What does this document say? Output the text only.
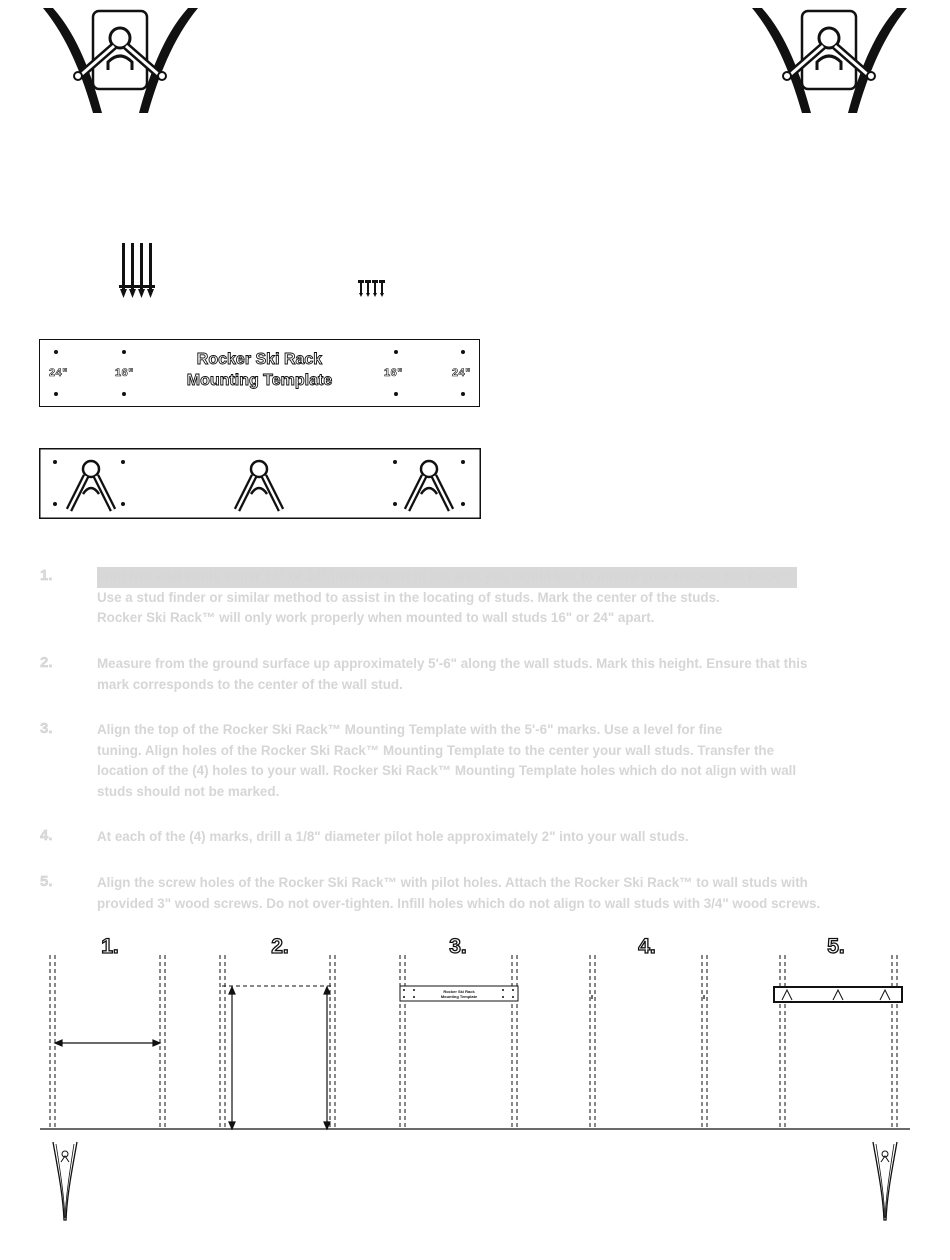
24"	16"	16"	24"
Rocker Ski Rack
Mounting Template
1.	Find two wall studs either 16" or 24" inches apart in the area you would like to mount your Rocker Ski Rack™.
Use a stud finder or similar method to assist in the locating of studs. Mark the center of the studs.
Rocker Ski Rack™ will only work properly when mounted to wall studs 16" or 24" apart.
2.	Measure from the ground surface up approximately 5'-6" along the wall studs. Mark this height. Ensure that this
mark corresponds to the center of the wall stud.
3.	Align the top of the Rocker Ski Rack™ Mounting Template with the 5'-6" marks. Use a level for fine
tuning. Align holes of the Rocker Ski Rack™ Mounting Template to the center your wall studs. Transfer the
location of the (4) holes to your wall. Rocker Ski Rack™ Mounting Template holes which do not align with wall
studs should not be marked.
4.	At each of the (4) marks, drill a 1/8" diameter pilot hole approximately 2" into your wall studs.
5.	Align the screw holes of the Rocker Ski Rack™ with pilot holes. Attach the Rocker Ski Rack™ to wall studs with
provided 3" wood screws. Do not over-tighten. Infill holes which do not align to wall studs with 3/4" wood screws.
1.	2.	3.	4.	5.
Rocker Ski Rack
Mounting Template
